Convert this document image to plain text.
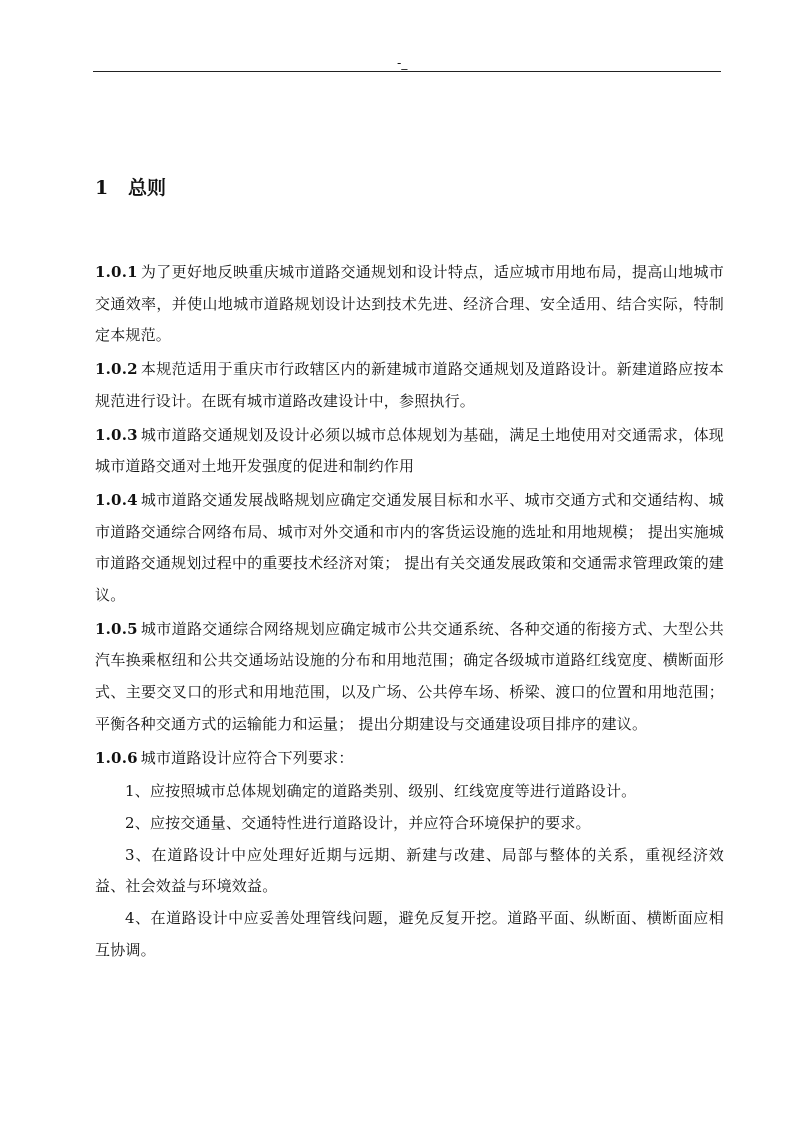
-_
1 总则

1.0.1 为了更好地反映重庆城市道路交通规划和设计特点，适应城市用地布局，提高山地城市交通效率，并使山地城市道路规划设计达到技术先进、经济合理、安全适用、结合实际，特制定本规范。

1.0.2 本规范适用于重庆市行政辖区内的新建城市道路交通规划及道路设计。新建道路应按本规范进行设计。在既有城市道路改建设计中，参照执行。

1.0.3 城市道路交通规划及设计必须以城市总体规划为基础，满足土地使用对交通需求，体现城市道路交通对土地开发强度的促进和制约作用

1.0.4 城市道路交通发展战略规划应确定交通发展目标和水平、城市交通方式和交通结构、城市道路交通综合网络布局、城市对外交通和市内的客货运设施的选址和用地规模； 提出实施城市道路交通规划过程中的重要技术经济对策； 提出有关交通发展政策和交通需求管理政策的建议。

1.0.5 城市道路交通综合网络规划应确定城市公共交通系统、各种交通的衔接方式、大型公共汽车换乘枢纽和公共交通场站设施的分布和用地范围；确定各级城市道路红线宽度、横断面形式、主要交叉口的形式和用地范围，以及广场、公共停车场、桥梁、渡口的位置和用地范围； 平衡各种交通方式的运输能力和运量； 提出分期建设与交通建设项目排序的建议。

1.0.6 城市道路设计应符合下列要求：

1、应按照城市总体规划确定的道路类别、级别、红线宽度等进行道路设计。

2、应按交通量、交通特性进行道路设计，并应符合环境保护的要求。

3、在道路设计中应处理好近期与远期、新建与改建、局部与整体的关系，重视经济效益、社会效益与环境效益。

4、在道路设计中应妥善处理管线问题，避免反复开挖。道路平面、纵断面、横断面应相互协调。
